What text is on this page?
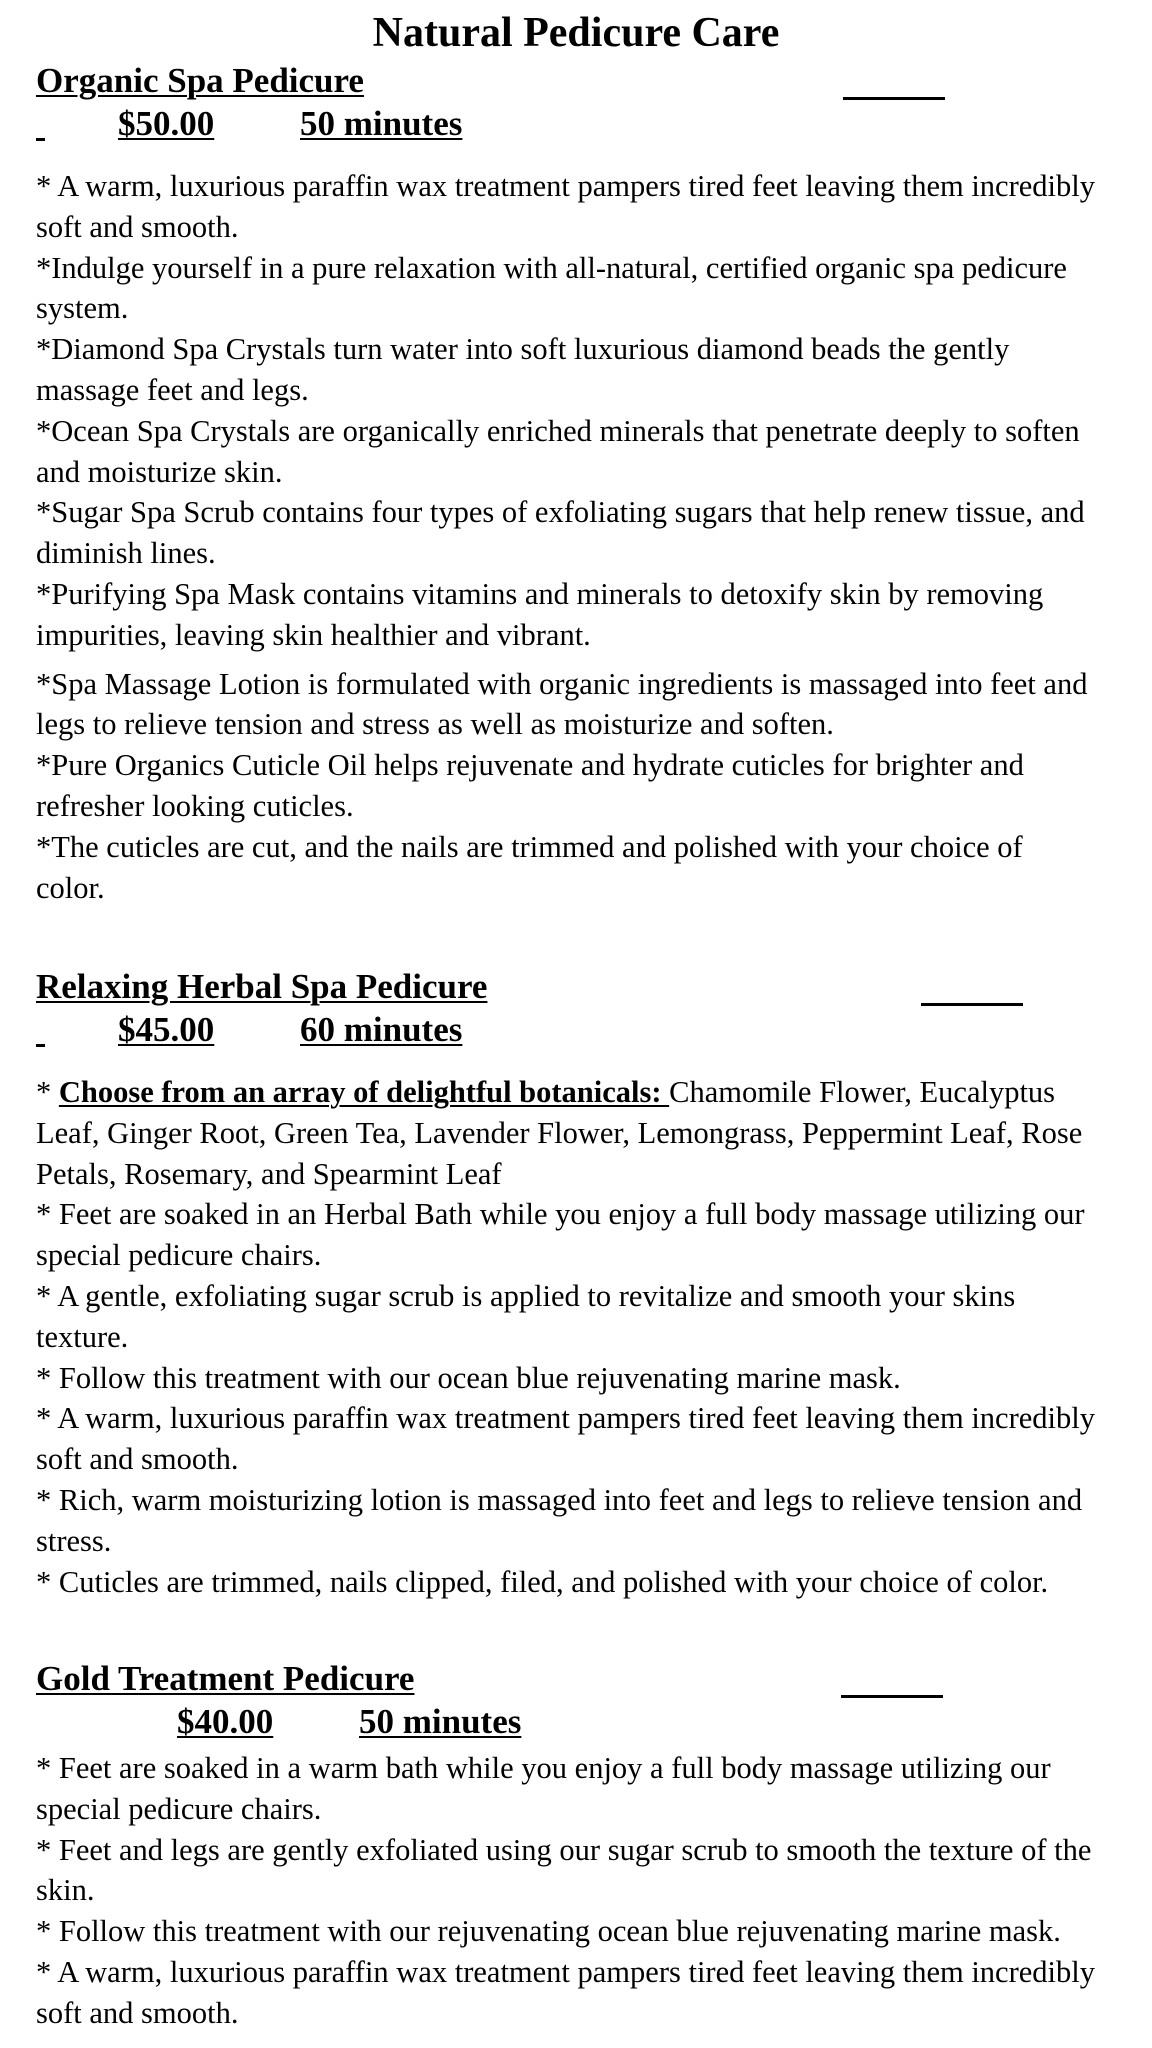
Natural Pedicure Care
Organic Spa Pedicure
$50.00 50 minutes

* A warm, luxurious paraffin wax treatment pampers tired feet leaving them incredibly soft and smooth.

*Indulge yourself in a pure relaxation with all-natural, certified organic spa pedicure system.

*Diamond Spa Crystals turn water into soft luxurious diamond beads the gently massage feet and legs.

*Ocean Spa Crystals are organically enriched minerals that penetrate deeply to soften and moisturize skin.

*Sugar Spa Scrub contains four types of exfoliating sugars that help renew tissue, and diminish lines.

*Purifying Spa Mask contains vitamins and minerals to detoxify skin by removing impurities, leaving skin healthier and vibrant.

*Spa Massage Lotion is formulated with organic ingredients is massaged into feet and legs to relieve tension and stress as well as moisturize and soften.

*Pure Organics Cuticle Oil helps rejuvenate and hydrate cuticles for brighter and refresher looking cuticles.

*The cuticles are cut, and the nails are trimmed and polished with your choice of color.

Relaxing Herbal Spa Pedicure
$45.00 60 minutes

* Choose from an array of delightful botanicals: Chamomile Flower, Eucalyptus Leaf, Ginger Root, Green Tea, Lavender Flower, Lemongrass, Peppermint Leaf, Rose Petals, Rosemary, and Spearmint Leaf

* Feet are soaked in an Herbal Bath while you enjoy a full body massage utilizing our special pedicure chairs.

* A gentle, exfoliating sugar scrub is applied to revitalize and smooth your skins texture.

* Follow this treatment with our ocean blue rejuvenating marine mask.

* A warm, luxurious paraffin wax treatment pampers tired feet leaving them incredibly soft and smooth.

* Rich, warm moisturizing lotion is massaged into feet and legs to relieve tension and stress.

* Cuticles are trimmed, nails clipped, filed, and polished with your choice of color.

Gold Treatment Pedicure
$40.00 50 minutes

* Feet are soaked in a warm bath while you enjoy a full body massage utilizing our special pedicure chairs.

* Feet and legs are gently exfoliated using our sugar scrub to smooth the texture of the skin.

* Follow this treatment with our rejuvenating ocean blue rejuvenating marine mask.

* A warm, luxurious paraffin wax treatment pampers tired feet leaving them incredibly soft and smooth.
